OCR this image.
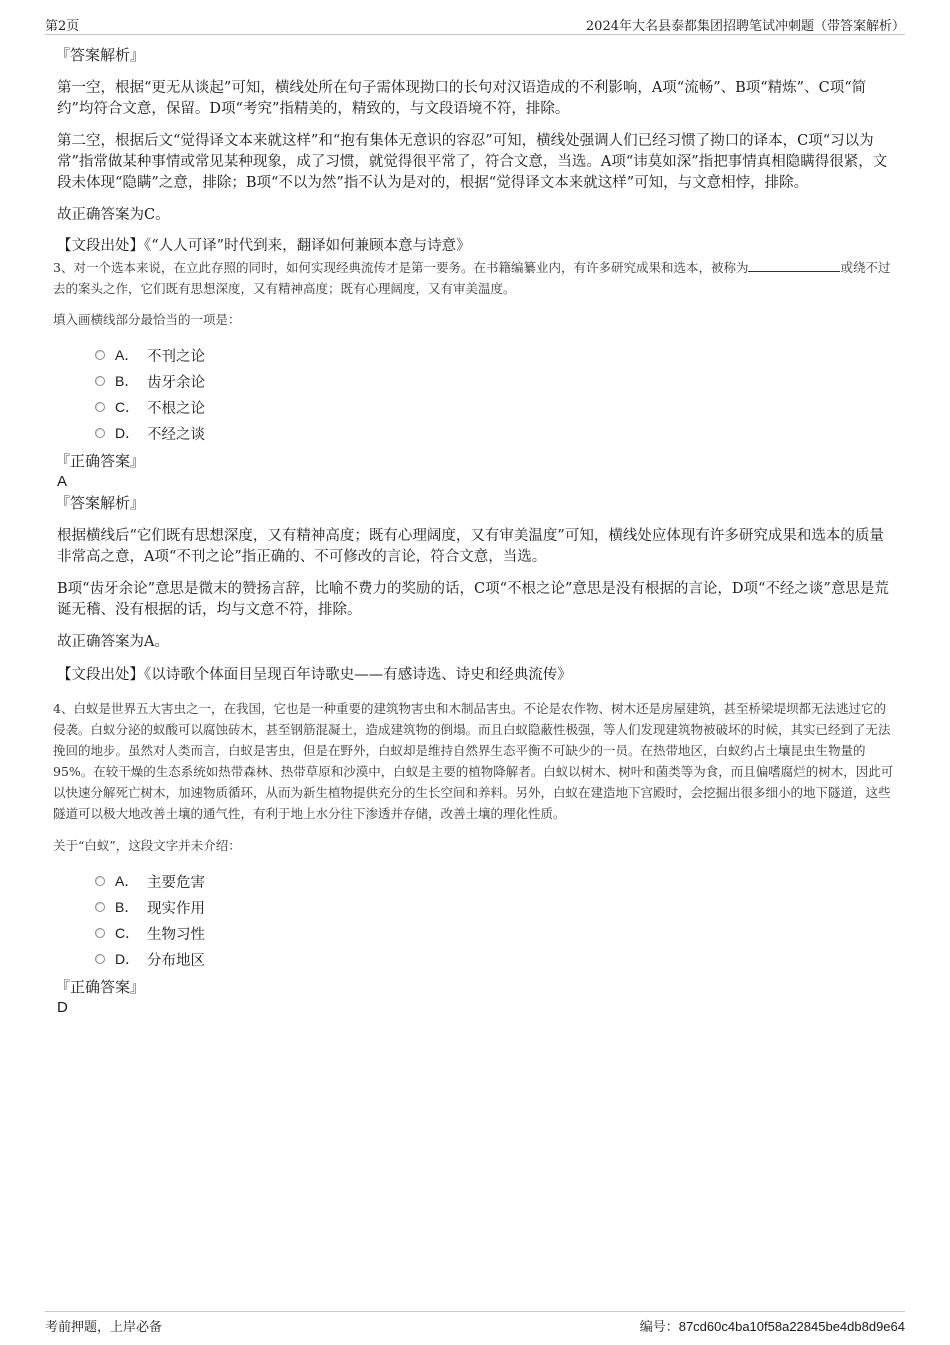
第2页	2024年大名县泰都集团招聘笔试冲刺题（带答案解析）
『答案解析』

第一空，根据“更无从谈起”可知，横线处所在句子需体现拗口的长句对汉语造成的不利影响，A项“流畅”、B项“精炼”、C项“简约”均符合文意，保留。D项“考究”指精美的，精致的，与文段语境不符，排除。

第二空，根据后文“觉得译文本来就这样”和“抱有集体无意识的容忍”可知，横线处强调人们已经习惯了拗口的译本，C项“习以为常”指常做某种事情或常见某种现象，成了习惯，就觉得很平常了，符合文意，当选。A项“讳莫如深”指把事情真相隐瞒得很紧，文段未体现“隐瞒”之意，排除；B项“不以为然”指不认为是对的，根据“觉得译文本来就这样”可知，与文意相悖，排除。

故正确答案为C。

【文段出处】《“人人可译”时代到来，翻译如何兼顾本意与诗意》

3、对一个选本来说，在立此存照的同时，如何实现经典流传才是第一要务。在书籍编纂业内，有许多研究成果和选本，被称为	或绕不过去的案头之作，它们既有思想深度，又有精神高度；既有心理阔度，又有审美温度。
填入画横线部分最恰当的一项是：
A． 不刊之论
B． 齿牙余论
C． 不根之论
D． 不经之谈
『正确答案』
A
『答案解析』

根据横线后“它们既有思想深度，又有精神高度；既有心理阔度，又有审美温度”可知，横线处应体现有许多研究成果和选本的质量非常高之意，A项“不刊之论”指正确的、不可修改的言论，符合文意，当选。

B项“齿牙余论”意思是微末的赞扬言辞，比喻不费力的奖励的话，C项“不根之论”意思是没有根据的言论，D项“不经之谈”意思是荒诞无稽、没有根据的话，均与文意不符，排除。

故正确答案为A。

【文段出处】《以诗歌个体面目呈现百年诗歌史——有感诗选、诗史和经典流传》

4、白蚁是世界五大害虫之一，在我国，它也是一种重要的建筑物害虫和木制品害虫。不论是农作物、树木还是房屋建筑，甚至桥梁堤坝都无法逃过它的侵袭。白蚁分泌的蚁酸可以腐蚀砖木，甚至钢筋混凝土，造成建筑物的倒塌。而且白蚁隐蔽性极强，等人们发现建筑物被破坏的时候，其实已经到了无法挽回的地步。虽然对人类而言，白蚁是害虫，但是在野外，白蚁却是维持自然界生态平衡不可缺少的一员。在热带地区，白蚁约占土壤昆虫生物量的95%。在较干燥的生态系统如热带森林、热带草原和沙漠中，白蚁是主要的植物降解者。白蚁以树木、树叶和菌类等为食，而且偏嗜腐烂的树木，因此可以快速分解死亡树木，加速物质循环，从而为新生植物提供充分的生长空间和养料。另外，白蚁在建造地下宫殿时，会挖掘出很多细小的地下隧道，这些隧道可以极大地改善土壤的通气性，有利于地上水分往下渗透并存储，改善土壤的理化性质。
关于“白蚁”，这段文字并未介绍：
A． 主要危害
B． 现实作用
C． 生物习性
D． 分布地区
『正确答案』
D
考前押题，上岸必备	编号：87cd60c4ba10f58a22845be4db8d9e64
